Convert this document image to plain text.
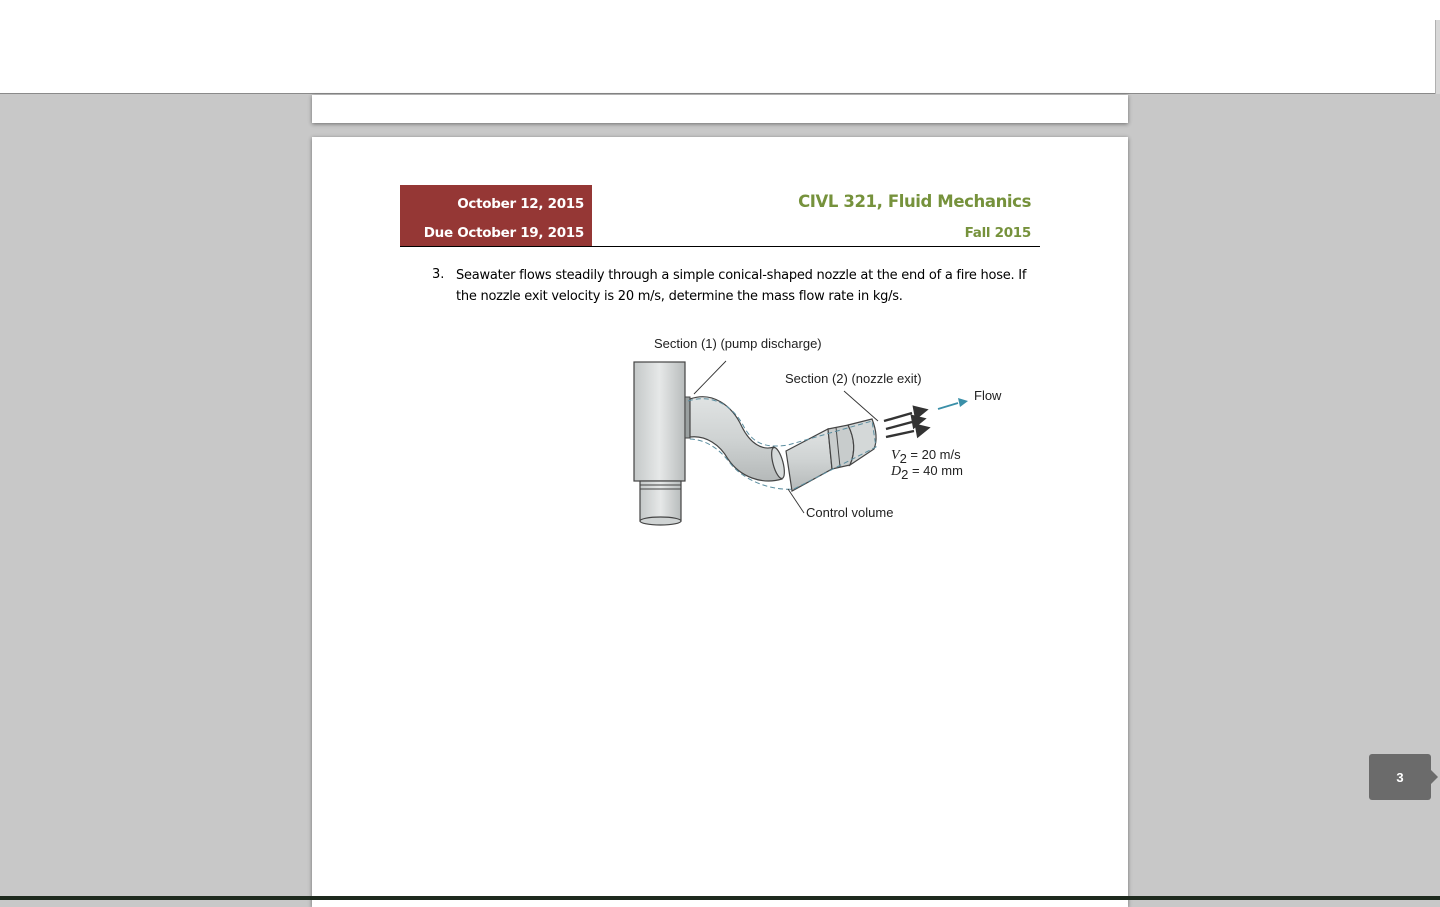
October 12, 2015
Due October 19, 2015
CIVL 321, Fluid Mechanics
Fall 2015
3. Seawater flows steadily through a simple conical-shaped nozzle at the end of a fire hose. If the nozzle exit velocity is 20 m/s, determine the mass flow rate in kg/s.
Section (1) (pump discharge)
Section (2) (nozzle exit)
Flow
$V_2$ $^{= 20 m/s}$
$D_2$ $^{= 40 mm}$
Control volume
3
